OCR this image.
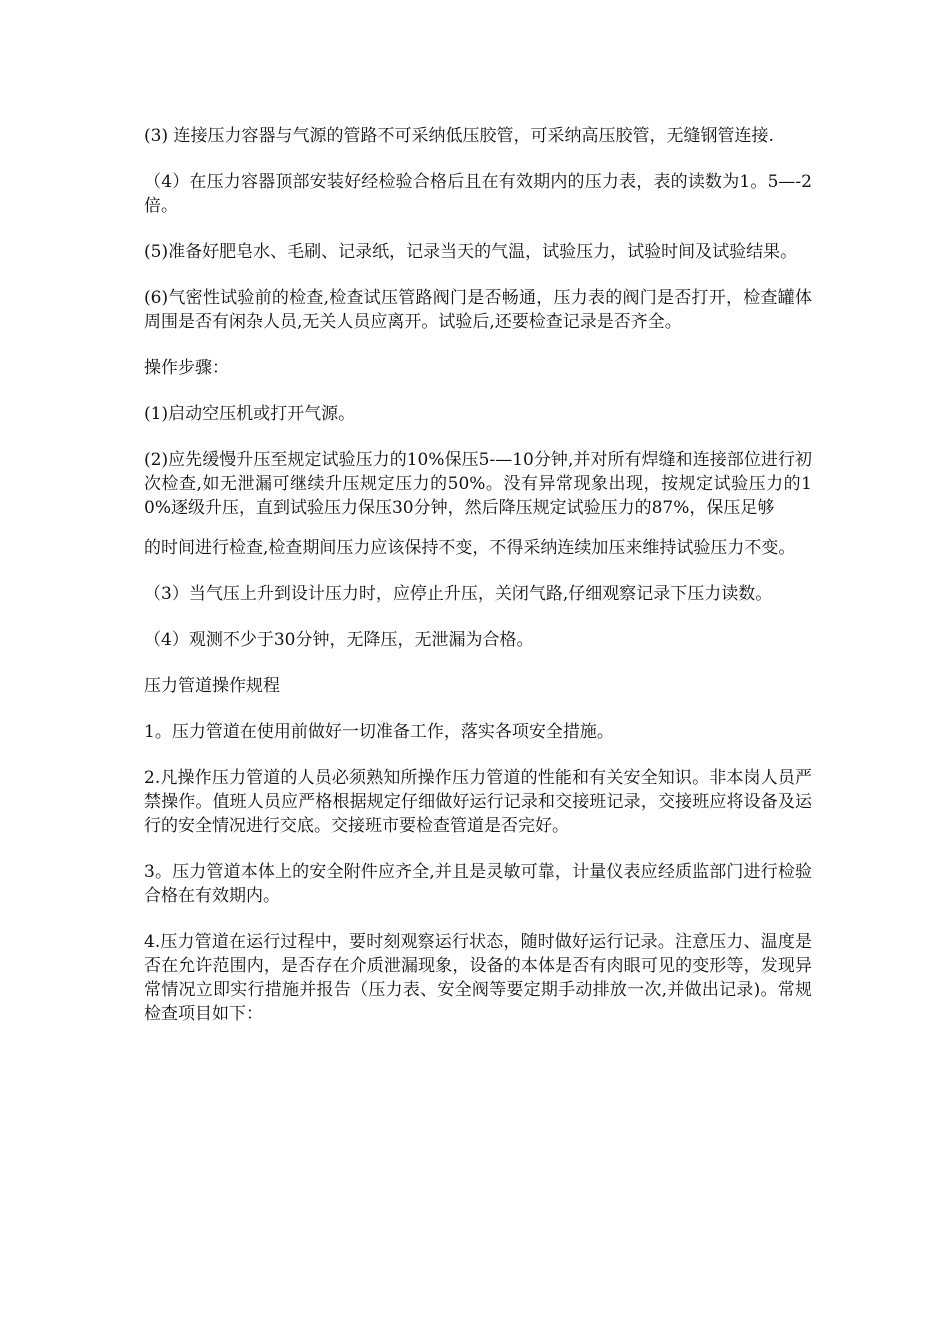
(3) 连接压力容器与气源的管路不可采纳低压胶管，可采纳高压胶管，无缝钢管连接.

（4）在压力容器顶部安装好经检验合格后且在有效期内的压力表，表的读数为1。5—-2倍。

(5)准备好肥皂水、毛刷、记录纸，记录当天的气温，试验压力，试验时间及试验结果。

(6)气密性试验前的检查,检查试压管路阀门是否畅通，压力表的阀门是否打开，检查罐体周围是否有闲杂人员,无关人员应离开。试验后,还要检查记录是否齐全。

操作步骤：

(1)启动空压机或打开气源。

(2)应先缓慢升压至规定试验压力的10%保压5-—10分钟,并对所有焊缝和连接部位进行初次检查,如无泄漏可继续升压规定压力的50%。没有异常现象出现，按规定试验压力的10%逐级升压，直到试验压力保压30分钟，然后降压规定试验压力的87%，保压足够

的时间进行检查,检查期间压力应该保持不变，不得采纳连续加压来维持试验压力不变。

（3）当气压上升到设计压力时，应停止升压，关闭气路,仔细观察记录下压力读数。

（4）观测不少于30分钟，无降压，无泄漏为合格。

压力管道操作规程

1。压力管道在使用前做好一切准备工作，落实各项安全措施。

2.凡操作压力管道的人员必须熟知所操作压力管道的性能和有关安全知识。非本岗人员严禁操作。值班人员应严格根据规定仔细做好运行记录和交接班记录，交接班应将设备及运行的安全情况进行交底。交接班市要检查管道是否完好。

3。压力管道本体上的安全附件应齐全,并且是灵敏可靠，计量仪表应经质监部门进行检验合格在有效期内。

4.压力管道在运行过程中，要时刻观察运行状态，随时做好运行记录。注意压力、温度是否在允许范围内，是否存在介质泄漏现象，设备的本体是否有肉眼可见的变形等，发现异常情况立即实行措施并报告（压力表、安全阀等要定期手动排放一次,并做出记录)。常规检查项目如下：
